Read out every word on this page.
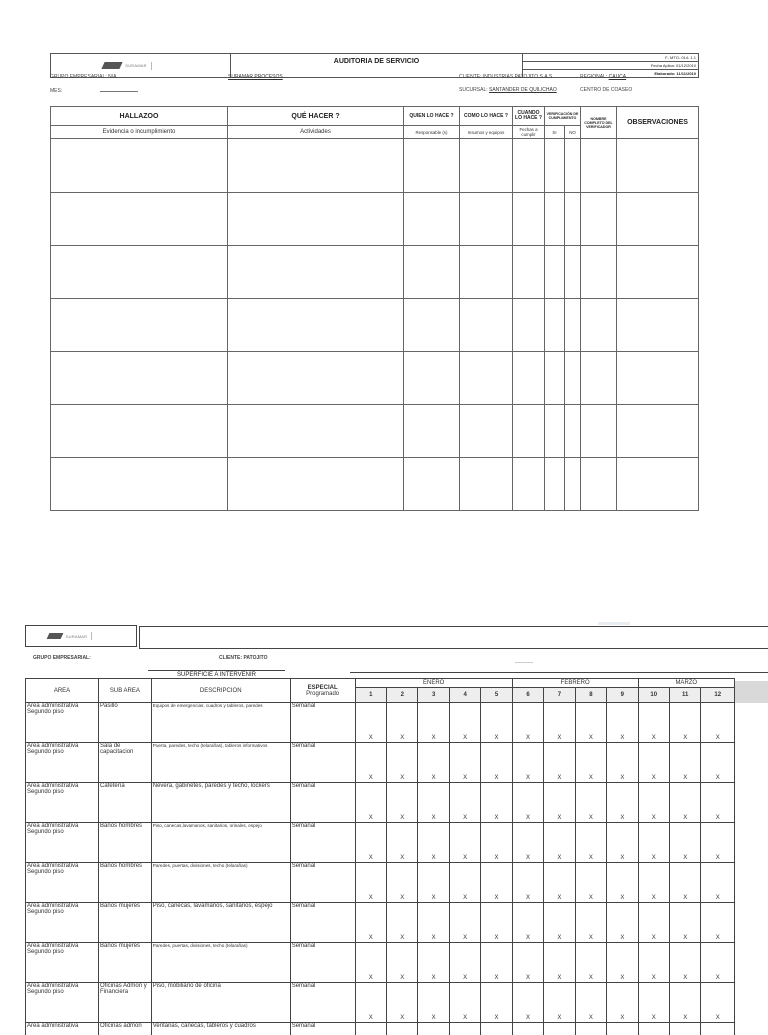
SURAMAR
	AUDITORIA DE SERVICIO	
F- MTO- 014- 1.1
Fecha Aplica: 01/12/2010
Elaborado: 11/11/2010
GRUPO EMPRESARIAL: N/A	SURAMAR PROCESOS	CLIENTE: INDUSTRIAS PATOJITO S.A.S	REGIONAL: CAUCA
MES:	SUCURSAL: SANTANDER DE QUILICHAO	CENTRO DE COASEO
HALLAZOO	QUÉ HACER ?	QUIEN LO HACE ?	COMO LO HACE ?	CUANDO LO HACE ?	VERIFICACIÓN DE CUMPLIMIENTO		NOMBRE COMPLETO DEL VERIFICADOR	OBSERVACIONES
Evidencia o incumplimiento	Actividades	Responsable (s)	Insumos y equipos	Fechas a cumplir	SI	NO		

SURAMAR
GRUPO EMPRESARIAL:	CLIENTE: PATOJITO
SUPERFICIE A INTERVENIR
AREA	SUB AREA	DESCRIPCION	ESPECIAL
Programado	ENERO					FEBRERO				MARZO		
				1	2	3	4	5	6	7	8	9	10	11	12
Área administrativa Segundo piso	Pasillo	Equipos de emergencias, cuadros y tableros, paredes	Semanal	X	X	X	X	X	X	X	X	X	X	X	X
Área administrativa Segundo piso	Sala de capacitacion	Puerta, paredes, techo (telarañas), tableros informativos	Semanal	X	X	X	X	X	X	X	X	X	X	X	X
Área administrativa Segundo piso	Cafetería	Nevera, gabinetes, paredes y techo, lockers	Semanal	X	X	X	X	X	X	X	X	X	X	X	X
Área administrativa Segundo piso	Baños hombres	Piso, canecas,lavamanos, sanitarios, orinales, espejo	Semanal	X	X	X	X	X	X	X	X	X	X	X	X
Área administrativa Segundo piso	Baños hombres	Paredes, puertas, divisiones, techo (telarañas)	Semanal	X	X	X	X	X	X	X	X	X	X	X	X
Área administrativa Segundo piso	Baños mujeres	Piso, canecas, lavamanos, sanitarios, espejo	Semanal	X	X	X	X	X	X	X	X	X	X	X	X
Área administrativa Segundo piso	Baños mujeres	Paredes, puertas, divisiones, techo (telarañas)	Semanal	X	X	X	X	X	X	X	X	X	X	X	X
Área administrativa Segundo piso	Oficinas Admon y Financiera	Piso, mobiliario de oficina	Semanal	X	X	X	X	X	X	X	X	X	X	X	X
Área administrativa	Oficinas admon	Ventanas, canecas, tableros y cuadros	Semanal												
